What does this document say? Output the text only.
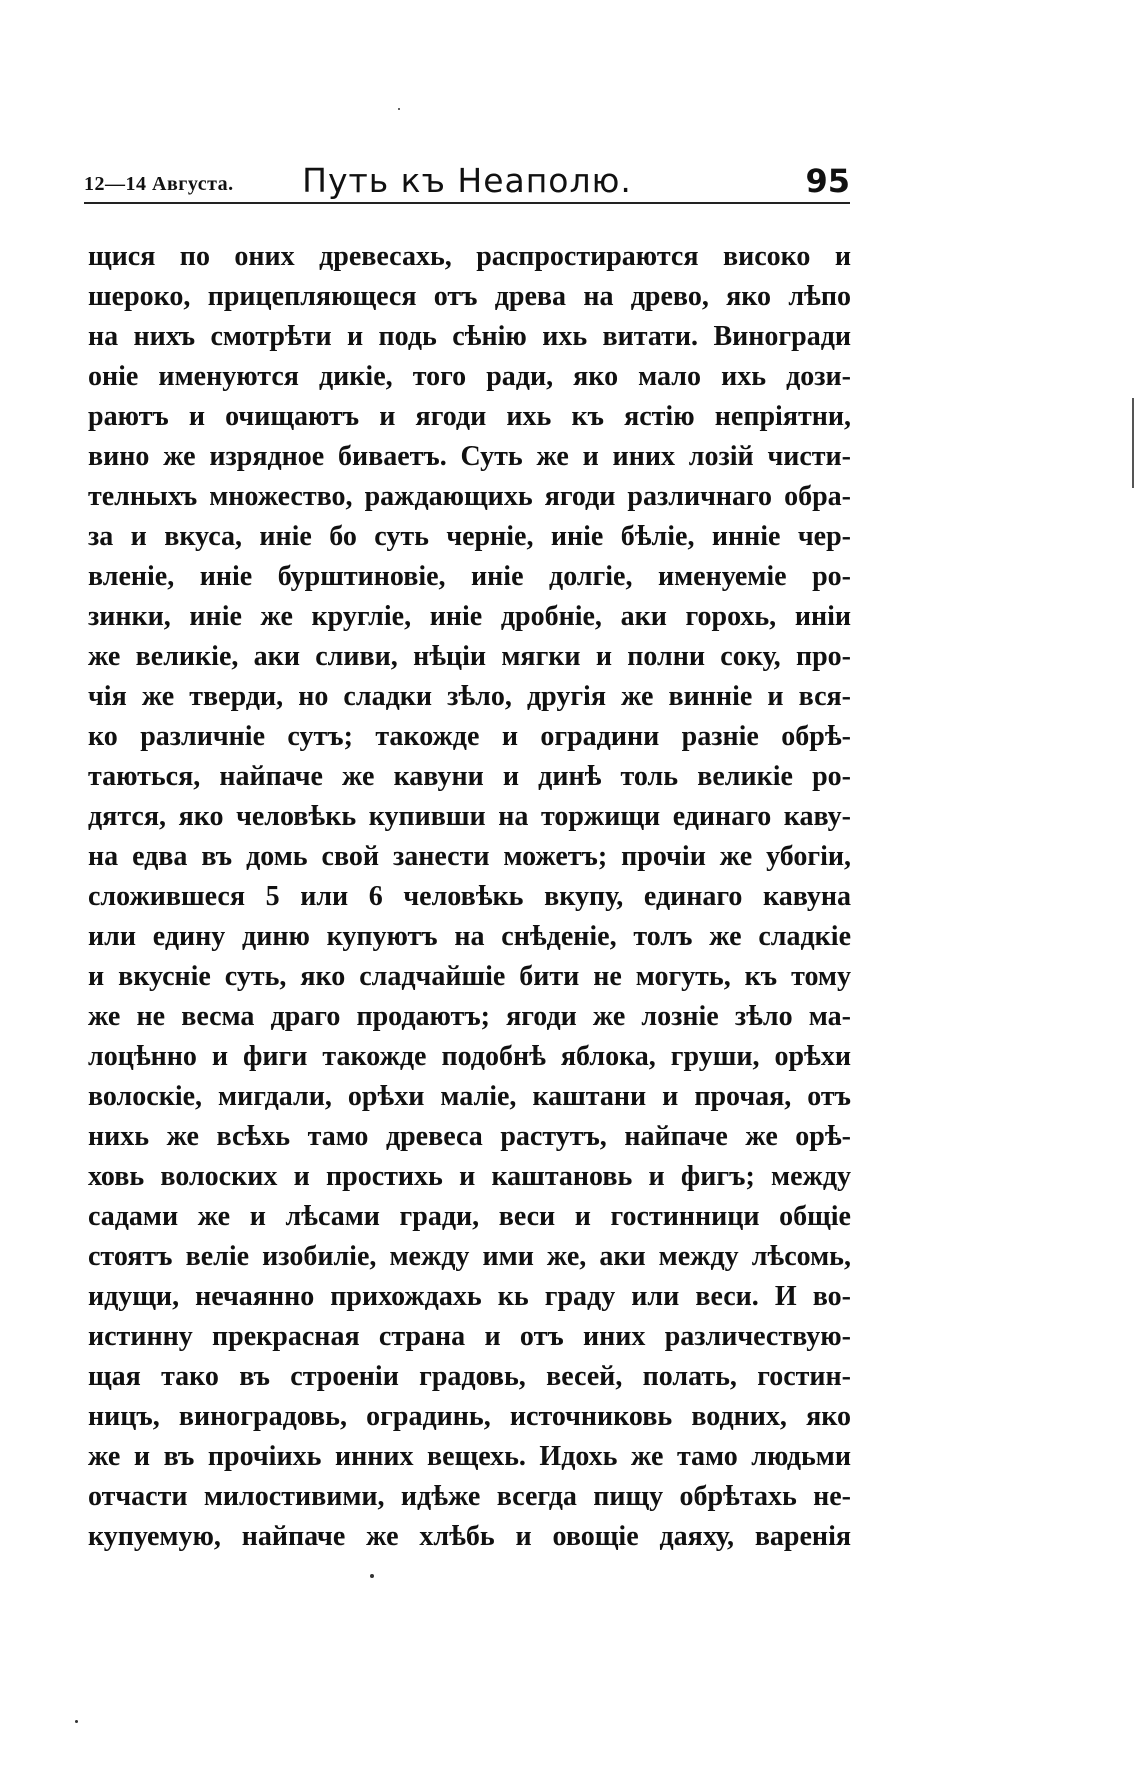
12—14 Августа.	Путь къ Неаполю.	95
щися по оних древесахь, распростираются високо и
шероко, прицепляющеся отъ древа на древо, яко лѣпо
на нихъ смотрѣти и подь сѣнію ихь витати. Виногради
оніе именуются дикіе, того ради, яко мало ихь дози-
раютъ и очищаютъ и ягоди ихь къ ястію непріятни,
вино же изрядное биваетъ. Суть же и иних лозій чисти-
телныхъ множество, раждающихь ягоди различнаго обра-
за и вкуса, иніе бо суть черніе, иніе бѣліе, инніе чер-
вленіе, иніе бурштиновіе, иніе долгіе, именуеміе ро-
зинки, иніе же круглiе, иніе дробніе, аки горохь, иніи
же великіе, аки сливи, нѣціи мягки и полни соку, про-
чія же тверди, но сладки зѣло, другія же винніе и вся-
ко различніе сутъ; такожде и оградини разніе обрѣ-
таються, найпаче же кавуни и динѣ толь великіе ро-
дятся, яко человѣкь купивши на торжищи единаго каву-
на едва въ домь свой занести можетъ; прочіи же убогіи,
сложившеся 5 или 6 человѣкь вкупу, единаго кавуна
или едину диню купуютъ на снѣденіе, толъ же сладкіе
и вкусніе суть, яко сладчайшіе бити не могуть, къ тому
же не весма драго продаютъ; ягоди же лозніе зѣло ма-
лоцѣнно и фиги такожде подобнѣ яблока, груши, орѣхи
волоскіе, мигдали, орѣхи маліе, каштани и прочая, отъ
нихь же всѣхь тамо древеса растутъ, найпаче же орѣ-
ховь волоских и простихь и каштановь и фигъ; между
садами же и лѣсами гради, веси и гостинници общіе
стоятъ веліе изобиліе, между ими же, аки между лѣсомь,
идущи, нечаянно прихождахь кь граду или веси. И во-
истинну прекрасная страна и отъ иних различествую-
щая тако въ строеніи градовь, весей, полать, гостин-
ницъ, виноградовь, оградинь, источниковь водних, яко
же и въ прочіихь инних вещехь. Идохь же тамо людьми
отчасти милостивими, идѣже всегда пищу обрѣтахь не-
купуемую, найпаче же хлѣбь и овощіе даяху, варенія
